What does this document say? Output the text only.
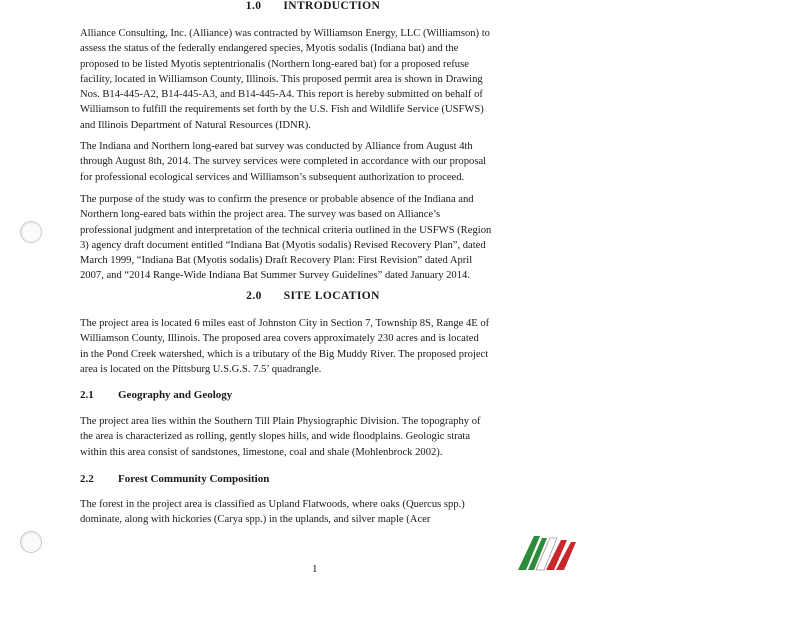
1.0 INTRODUCTION
Alliance Consulting, Inc. (Alliance) was contracted by Williamson Energy, LLC (Williamson) to
assess the status of the federally endangered species, Myotis sodalis (Indiana bat) and the
proposed to be listed Myotis septentrionalis (Northern long-eared bat) for a proposed refuse
facility, located in Williamson County, Illinois. This proposed permit area is shown in Drawing
Nos. B14-445-A2, B14-445-A3, and B14-445-A4. This report is hereby submitted on behalf of
Williamson to fulfill the requirements set forth by the U.S. Fish and Wildlife Service (USFWS)
and Illinois Department of Natural Resources (IDNR).
The Indiana and Northern long-eared bat survey was conducted by Alliance from August 4th
through August 8th, 2014. The survey services were completed in accordance with our proposal
for professional ecological services and Williamson’s subsequent authorization to proceed.
The purpose of the study was to confirm the presence or probable absence of the Indiana and
Northern long-eared bats within the project area. The survey was based on Alliance’s
professional judgment and interpretation of the technical criteria outlined in the USFWS (Region
3) agency draft document entitled “Indiana Bat (Myotis sodalis) Revised Recovery Plan”, dated
March 1999, “Indiana Bat (Myotis sodalis) Draft Recovery Plan: First Revision” dated April
2007, and “2014 Range-Wide Indiana Bat Summer Survey Guidelines” dated January 2014.
2.0 SITE LOCATION
The project area is located 6 miles east of Johnston City in Section 7, Township 8S, Range 4E of
Williamson County, Illinois. The proposed area covers approximately 230 acres and is located
in the Pond Creek watershed, which is a tributary of the Big Muddy River. The proposed project
area is located on the Pittsburg U.S.G.S. 7.5’ quadrangle.
2.1 Geography and Geology
The project area lies within the Southern Till Plain Physiographic Division. The topography of
the area is characterized as rolling, gently slopes hills, and wide floodplains. Geologic strata
within this area consist of sandstones, limestone, coal and shale (Mohlenbrock 2002).
2.2 Forest Community Composition
The forest in the project area is classified as Upland Flatwoods, where oaks (Quercus spp.)
dominate, along with hickories (Carya spp.) in the uplands, and silver maple (Acer
1
